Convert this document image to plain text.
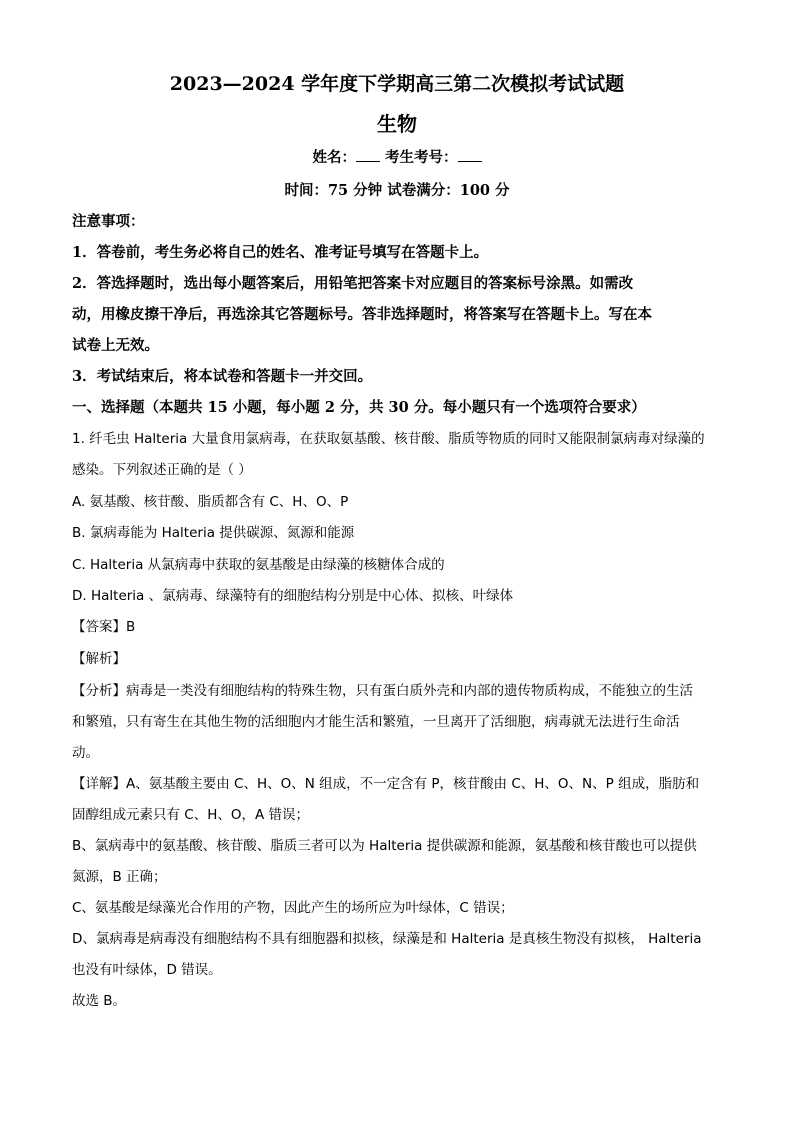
2023—2024 学年度下学期高三第二次模拟考试试题
生物
姓名： 考生考号：
时间：75 分钟 试卷满分：100 分
注意事项：
1．答卷前，考生务必将自己的姓名、准考证号填写在答题卡上。
2．答选择题时，选出每小题答案后，用铅笔把答案卡对应题目的答案标号涂黑。如需改
动，用橡皮擦干净后，再选涂其它答题标号。答非选择题时，将答案写在答题卡上。写在本
试卷上无效。
3．考试结束后，将本试卷和答题卡一并交回。
一、选择题（本题共 15 小题，每小题 2 分，共 30 分。每小题只有一个选项符合要求）
1. 纤毛虫 Halteria 大量食用氯病毒，在获取氨基酸、核苷酸、脂质等物质的同时又能限制氯病毒对绿藻的
感染。下列叙述正确的是（ ）
A. 氨基酸、核苷酸、脂质都含有 C、H、O、P
B. 氯病毒能为 Halteria 提供碳源、氮源和能源
C. Halteria 从氯病毒中获取的氨基酸是由绿藻的核糖体合成的
D. Halteria 、氯病毒、绿藻特有的细胞结构分别是中心体、拟核、叶绿体
【答案】B
【解析】
【分析】病毒是一类没有细胞结构的特殊生物，只有蛋白质外壳和内部的遗传物质构成，不能独立的生活
和繁殖，只有寄生在其他生物的活细胞内才能生活和繁殖，一旦离开了活细胞，病毒就无法进行生命活
动。
【详解】A、氨基酸主要由 C、H、O、N 组成，不一定含有 P，核苷酸由 C、H、O、N、P 组成，脂肪和
固醇组成元素只有 C、H、O，A 错误；
B、氯病毒中的氨基酸、核苷酸、脂质三者可以为 Halteria 提供碳源和能源，氨基酸和核苷酸也可以提供
氮源，B 正确；
C、氨基酸是绿藻光合作用的产物，因此产生的场所应为叶绿体，C 错误；
D、氯病毒是病毒没有细胞结构不具有细胞器和拟核，绿藻是和 Halteria 是真核生物没有拟核， Halteria
也没有叶绿体，D 错误。
故选 B。
